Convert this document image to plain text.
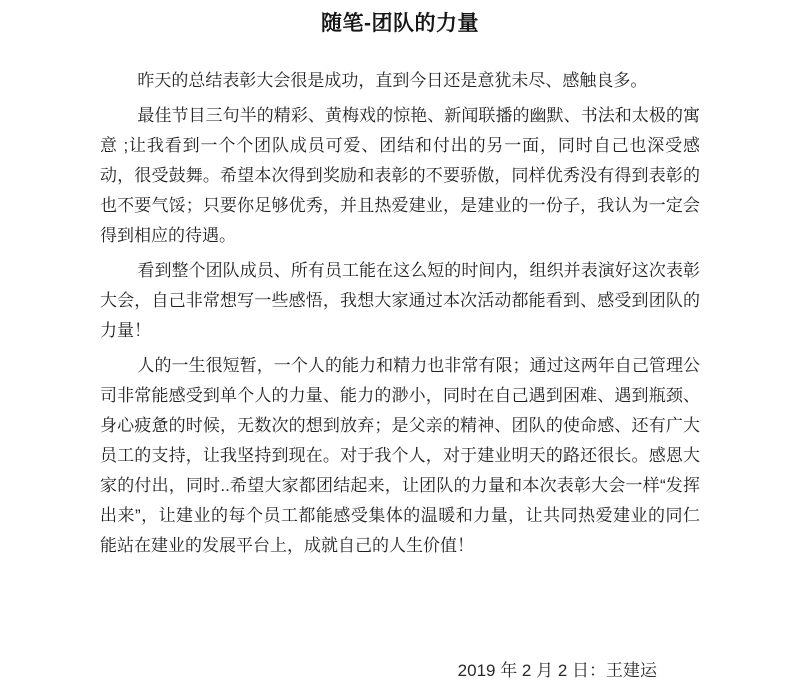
随笔-团队的力量

昨天的总结表彰大会很是成功，直到今日还是意犹未尽、感触良多。

最佳节目三句半的精彩、黄梅戏的惊艳、新闻联播的幽默、书法和太极的寓意 ;让我看到一个个团队成员可爱、团结和付出的另一面，同时自己也深受感动，很受鼓舞。希望本次得到奖励和表彰的不要骄傲，同样优秀没有得到表彰的也不要气馁；只要你足够优秀，并且热爱建业，是建业的一份子，我认为一定会得到相应的待遇。

看到整个团队成员、所有员工能在这么短的时间内，组织并表演好这次表彰大会，自己非常想写一些感悟，我想大家通过本次活动都能看到、感受到团队的力量！

人的一生很短暂，一个人的能力和精力也非常有限；通过这两年自己管理公司非常能感受到单个人的力量、能力的渺小，同时在自己遇到困难、遇到瓶颈、身心疲惫的时候，无数次的想到放弃；是父亲的精神、团队的使命感、还有广大员工的支持，让我坚持到现在。对于我个人，对于建业明天的路还很长。感恩大家的付出，同时..希望大家都团结起来，让团队的力量和本次表彰大会一样“发挥出来”，让建业的每个员工都能感受集体的温暖和力量，让共同热爱建业的同仁能站在建业的发展平台上，成就自己的人生价值！

2019 年 2 月 2 日：王建运
